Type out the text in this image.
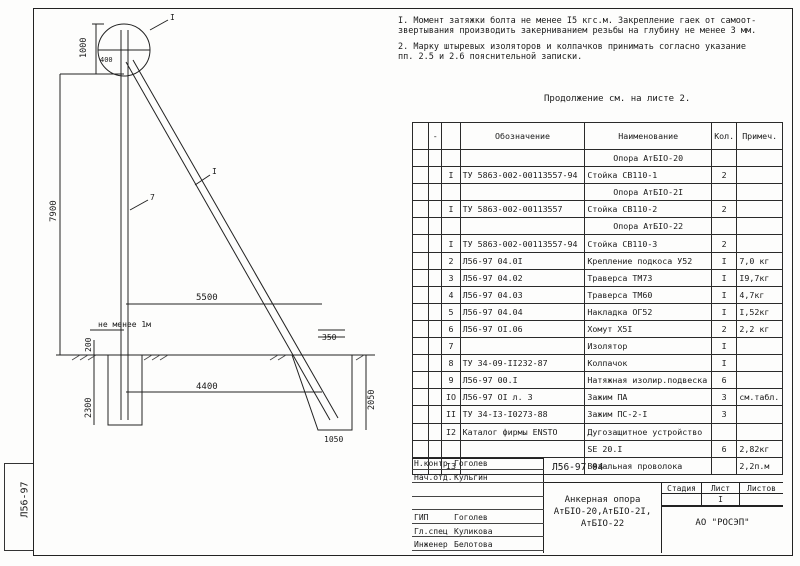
Л56-97
I. Момент затяжки болта не менее I5 кгс.м. Закрепление гаек от самоот-
звертывания производить закерниванием резьбы на глубину не менее 3 мм.
2. Марку штыревых изоляторов и колпачков принимать согласно указание
пп. 2.5 и 2.6 пояснительной записки.
Продолжение см. на листе 2.
1000
400
7900
5500
4400
не менее 1м
200
2300	2050
350
1050
I
I
7
	-		Обозначение	Наименование	Кол.	Примеч.
				Опора АтБІО-20		
		I	ТУ 5863-002-00113557-94	Стойка СВ110-1	2	
				Опора АтБІО-2І		
		I	ТУ 5863-002-00113557	Стойка СВ110-2	2	
				Опора АтБІО-22		
		I	ТУ 5863-002-00113557-94	Стойка СВ110-3	2	
		2	Л56-97 04.0I	Крепление подкоса У52	I	7,0 кг
		3	Л56-97 04.02	Траверса ТМ73	I	I9,7кг
		4	Л56-97 04.03	Траверса ТМ60	I	4,7кг
		5	Л56-97 04.04	Накладка ОГ52	I	I,52кг
		6	Л56-97 OI.06	Хомут Х5І	2	2,2 кг
		7		Изолятор	I	
		8	ТУ 34-09-II232-87	Колпачок	I	
		9	Л56-97 00.I	Натяжная изолир.подвеска	6	
		IO	Л56-97 OI л. 3	Зажим ПА	3	см.табл.
		II	ТУ 34-I3-I0273-88	Зажим ПС-2-I	3	
		I2	Каталог фирмы ENSTO	Дугозащитное устройство		
				SE 20.I	6	2,82кг
		I3		Вязальная проволока		2,2п.м
Н.контр Гоголев
Нач.отд. Кульгин
ГИП	Гоголев
Гл.спец Куликова
Инженер Белотова
Л56-97 04
Анкерная опора
АтБІО-20,АтБІО-2І,
АтБІО-22
Стадия	Лист	Листов
I
АО "РОСЭП"
